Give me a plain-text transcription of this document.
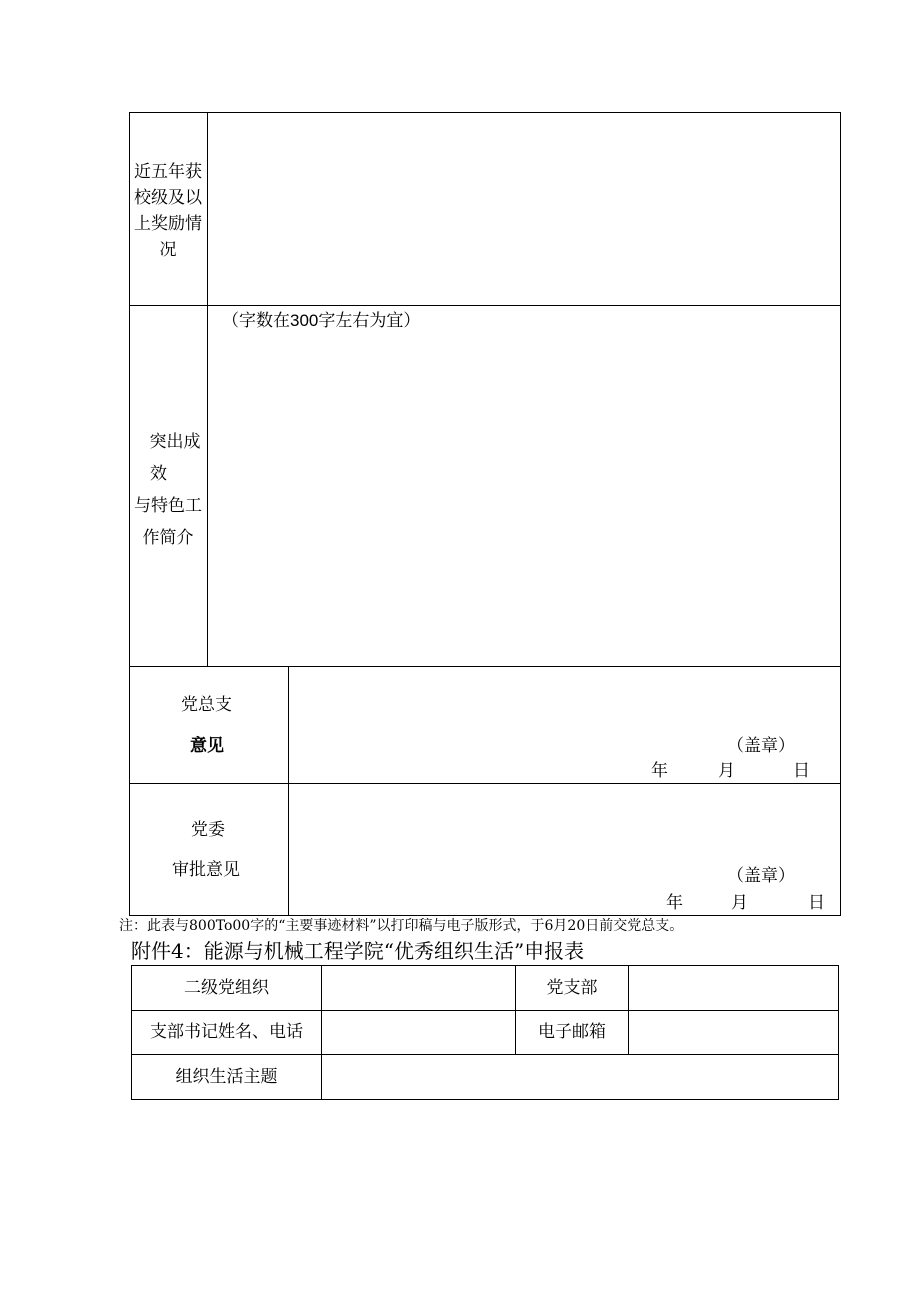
近五年获
校级及以
上奖励情
况
突出成
效
与特色工
作简介
（字数在300字左右为宜）
党总支
意见	（盖章）
年	月	日
党委
审批意见	（盖章）
年	月	日
注：此表与800To00字的“主要事迹材料”以打印稿与电子版形式，于6月20日前交党总支。
附件4：能源与机械工程学院“优秀组织生活”申报表
二级党组织	党支部
支部书记姓名、电话	电子邮箱
组织生活主题
